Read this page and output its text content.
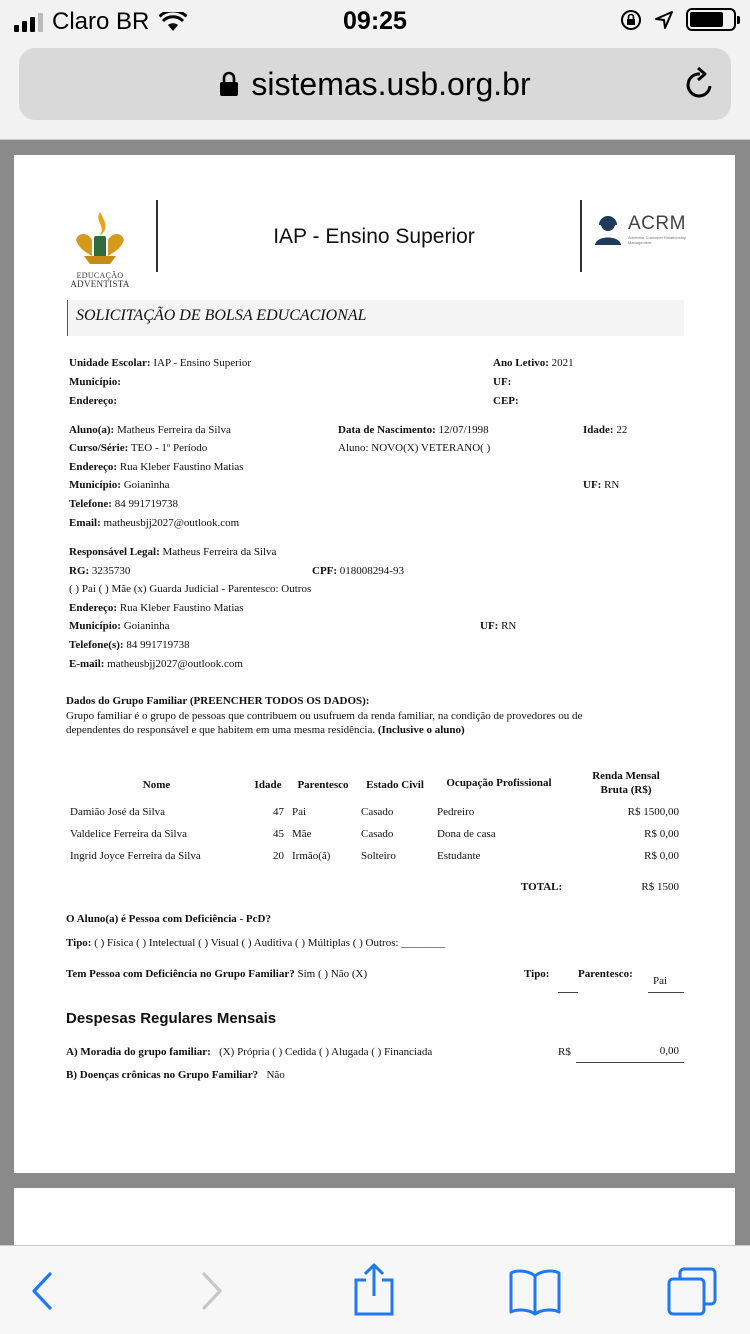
Claro BR	09:25
sistemas.usb.org.br
EDUCAÇÃO
ADVENTISTA
IAP - Ensino Superior
ACRM
Adventist Customer Relationship Management
SOLICITAÇÃO DE BOLSA EDUCACIONAL
Unidade Escolar: IAP - Ensino Superior	Ano Letivo: 2021
Município:	UF:
Endereço:	CEP:
Aluno(a): Matheus Ferreira da Silva	Data de Nascimento: 12/07/1998	Idade: 22
Curso/Série: TEO - 1º Período	Aluno: NOVO(X) VETERANO( )
Endereço: Rua Kleber Faustino Matias
Município: Goianinha	UF: RN
Telefone: 84 991719738
Email: matheusbjj2027@outlook.com
Responsável Legal: Matheus Ferreira da Silva
RG: 3235730	CPF: 018008294-93
( ) Pai ( ) Mãe (x) Guarda Judicial - Parentesco: Outros
Endereço: Rua Kleber Faustino Matias
Município: Goianinha	UF: RN
Telefone(s): 84 991719738
E-mail: matheusbjj2027@outlook.com
Dados do Grupo Familiar (PREENCHER TODOS OS DADOS):
Grupo familiar é o grupo de pessoas que contribuem ou usufruem da renda familiar, na condição de provedores ou de
dependentes do responsável e que habitem em uma mesma residência. (Inclusive o aluno)
Nome	Idade	Parentesco	Estado Civil	Ocupação Profissional
Renda Mensal
Bruta (R$)
Damião José da Silva	47 Pai	Casado	Pedreiro	R$ 1500,00
Valdelice Ferreira da Silva	45 Mãe	Casado	Dona de casa	R$ 0,00
Ingrid Joyce Ferreira da Silva	20 Irmão(ã)	Solteiro	Estudante	R$ 0,00
TOTAL:	R$ 1500
O Aluno(a) é Pessoa com Deficiência - PcD?
Tipo: ( ) Física ( ) Intelectual ( ) Visual ( ) Auditiva ( ) Múltiplas ( ) Outros: ________
Tem Pessoa com Deficiência no Grupo Familiar? Sim ( ) Não (X)	Tipo:	Parentesco:
Pai
Despesas Regulares Mensais
A) Moradia do grupo familiar: (X) Própria ( ) Cedida ( ) Alugada ( ) Financiada	R$	0,00
B) Doenças crônicas no Grupo Familiar? Não
